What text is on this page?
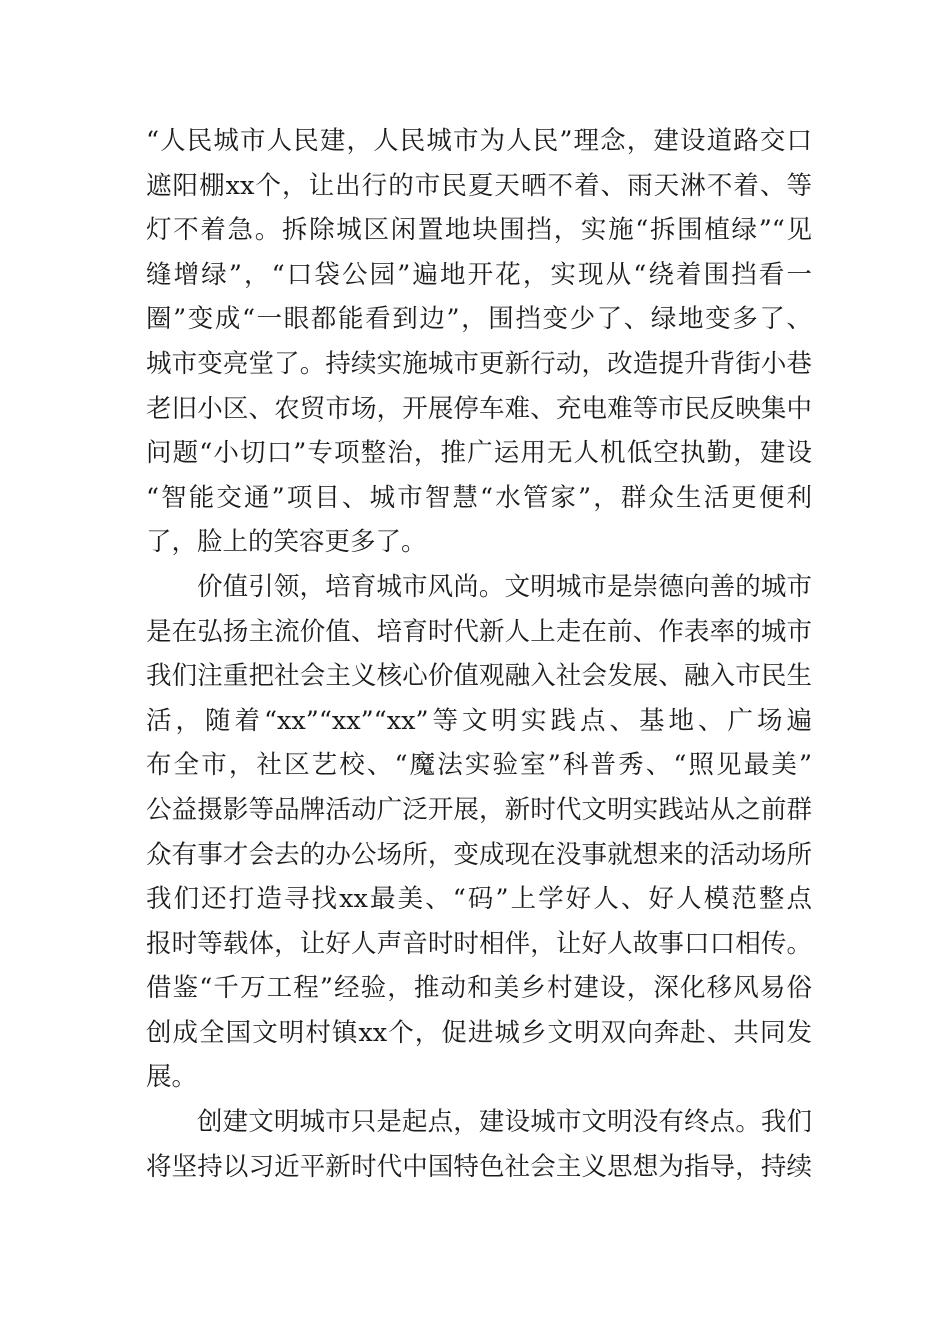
“人民城市人民建，人民城市为人民”理念，建设道路交口
遮阳棚xx个，让出行的市民夏天晒不着、雨天淋不着、等
灯不着急。拆除城区闲置地块围挡，实施“拆围植绿”“见
缝增绿”，“口袋公园”遍地开花，实现从“绕着围挡看一
圈”变成“一眼都能看到边”，围挡变少了、绿地变多了、
城市变亮堂了。持续实施城市更新行动，改造提升背街小巷
老旧小区、农贸市场，开展停车难、充电难等市民反映集中
问题“小切口”专项整治，推广运用无人机低空执勤，建设
“智能交通”项目、城市智慧“水管家”，群众生活更便利
了，脸上的笑容更多了。
价值引领，培育城市风尚。文明城市是崇德向善的城市
是在弘扬主流价值、培育时代新人上走在前、作表率的城市
我们注重把社会主义核心价值观融入社会发展、融入市民生
活，随着“xx”“xx”“xx”等文明实践点、基地、广场遍
布全市，社区艺校、“魔法实验室”科普秀、“照见最美”
公益摄影等品牌活动广泛开展，新时代文明实践站从之前群
众有事才会去的办公场所，变成现在没事就想来的活动场所
我们还打造寻找xx最美、“码”上学好人、好人模范整点
报时等载体，让好人声音时时相伴，让好人故事口口相传。
借鉴“千万工程”经验，推动和美乡村建设，深化移风易俗
创成全国文明村镇xx个，促进城乡文明双向奔赴、共同发
展。
创建文明城市只是起点，建设城市文明没有终点。我们
将坚持以习近平新时代中国特色社会主义思想为指导，持续
